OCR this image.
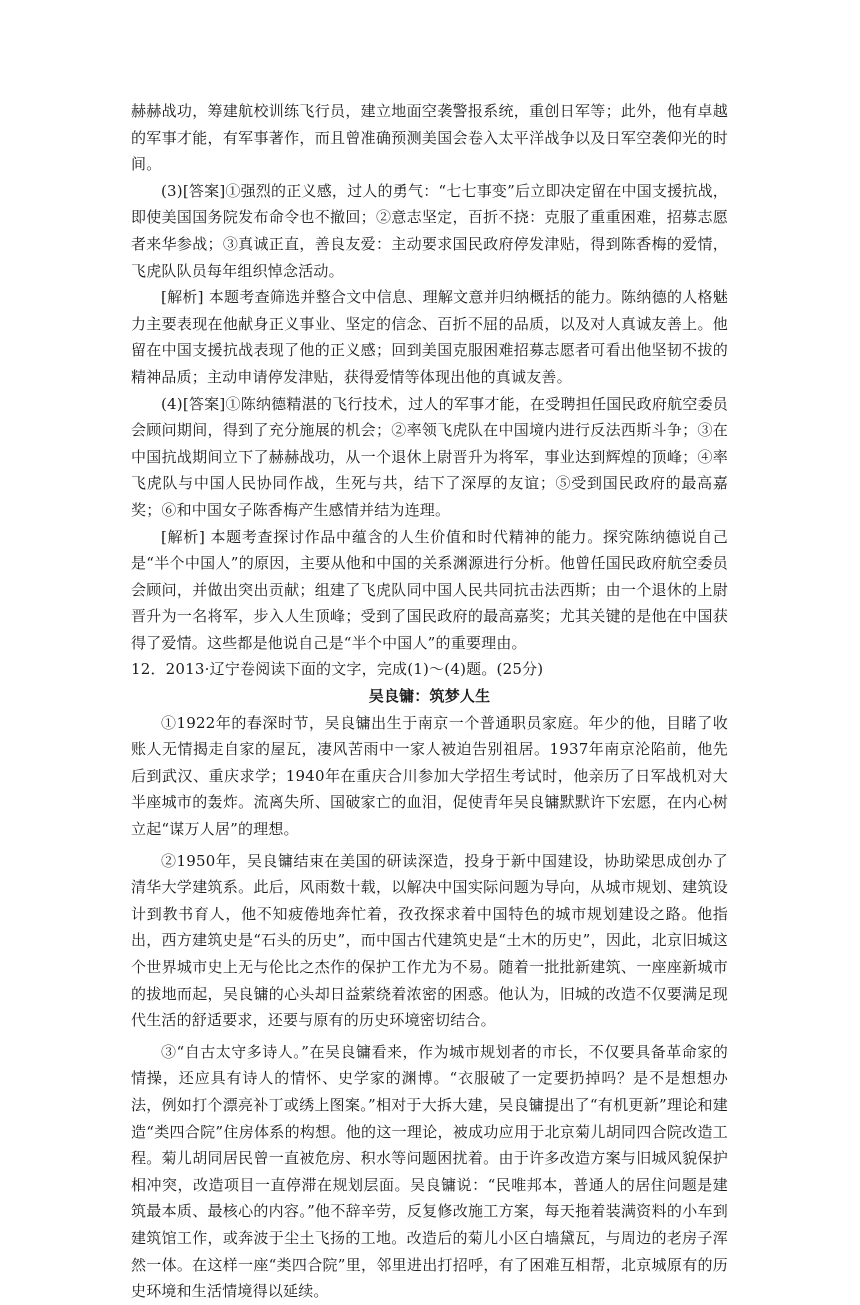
赫赫战功，筹建航校训练飞行员，建立地面空袭警报系统，重创日军等；此外，他有卓越的军事才能，有军事著作，而且曾准确预测美国会卷入太平洋战争以及日军空袭仰光的时间。

(3)[答案]①强烈的正义感，过人的勇气：“七七事变”后立即决定留在中国支援抗战，即使美国国务院发布命令也不撤回；②意志坚定，百折不挠：克服了重重困难，招募志愿者来华参战；③真诚正直，善良友爱：主动要求国民政府停发津贴，得到陈香梅的爱情，飞虎队队员每年组织悼念活动。

[解析] 本题考查筛选并整合文中信息、理解文意并归纳概括的能力。陈纳德的人格魅力主要表现在他献身正义事业、坚定的信念、百折不屈的品质，以及对人真诚友善上。他留在中国支援抗战表现了他的正义感；回到美国克服困难招募志愿者可看出他坚韧不拔的精神品质；主动申请停发津贴，获得爱情等体现出他的真诚友善。

(4)[答案]①陈纳德精湛的飞行技术，过人的军事才能，在受聘担任国民政府航空委员会顾问期间，得到了充分施展的机会；②率领飞虎队在中国境内进行反法西斯斗争；③在中国抗战期间立下了赫赫战功，从一个退休上尉晋升为将军，事业达到辉煌的顶峰；④率飞虎队与中国人民协同作战，生死与共，结下了深厚的友谊；⑤受到国民政府的最高嘉奖；⑥和中国女子陈香梅产生感情并结为连理。

[解析] 本题考查探讨作品中蕴含的人生价值和时代精神的能力。探究陈纳德说自己是“半个中国人”的原因，主要从他和中国的关系渊源进行分析。他曾任国民政府航空委员会顾问，并做出突出贡献；组建了飞虎队同中国人民共同抗击法西斯；由一个退休的上尉晋升为一名将军，步入人生顶峰；受到了国民政府的最高嘉奖；尤其关键的是他在中国获得了爱情。这些都是他说自己是“半个中国人”的重要理由。

12．2013·辽宁卷阅读下面的文字，完成(1)～(4)题。(25分)

吴良镛：筑梦人生

①1922年的春深时节，吴良镛出生于南京一个普通职员家庭。年少的他，目睹了收账人无情揭走自家的屋瓦，凄风苦雨中一家人被迫告别祖居。1937年南京沦陷前，他先后到武汉、重庆求学；1940年在重庆合川参加大学招生考试时，他亲历了日军战机对大半座城市的轰炸。流离失所、国破家亡的血泪，促使青年吴良镛默默许下宏愿，在内心树立起“谋万人居”的理想。

②1950年，吴良镛结束在美国的研读深造，投身于新中国建设，协助梁思成创办了清华大学建筑系。此后，风雨数十载，以解决中国实际问题为导向，从城市规划、建筑设计到教书育人，他不知疲倦地奔忙着，孜孜探求着中国特色的城市规划建设之路。他指出，西方建筑史是“石头的历史”，而中国古代建筑史是“土木的历史”，因此，北京旧城这个世界城市史上无与伦比之杰作的保护工作尤为不易。随着一批批新建筑、一座座新城市的拔地而起，吴良镛的心头却日益萦绕着浓密的困惑。他认为，旧城的改造不仅要满足现代生活的舒适要求，还要与原有的历史环境密切结合。

③“自古太守多诗人。”在吴良镛看来，作为城市规划者的市长，不仅要具备革命家的情操，还应具有诗人的情怀、史学家的渊博。“衣服破了一定要扔掉吗？是不是想想办法，例如打个漂亮补丁或绣上图案。”相对于大拆大建，吴良镛提出了“有机更新”理论和建造“类四合院”住房体系的构想。他的这一理论，被成功应用于北京菊儿胡同四合院改造工程。菊儿胡同居民曾一直被危房、积水等问题困扰着。由于许多改造方案与旧城风貌保护相冲突，改造项目一直停滞在规划层面。吴良镛说：“民唯邦本，普通人的居住问题是建筑最本质、最核心的内容。”他不辞辛劳，反复修改施工方案，每天拖着装满资料的小车到建筑馆工作，或奔波于尘土飞扬的工地。改造后的菊儿小区白墙黛瓦，与周边的老房子浑然一体。在这样一座“类四合院”里，邻里进出打招呼，有了困难互相帮，北京城原有的历史环境和生活情境得以延续。
